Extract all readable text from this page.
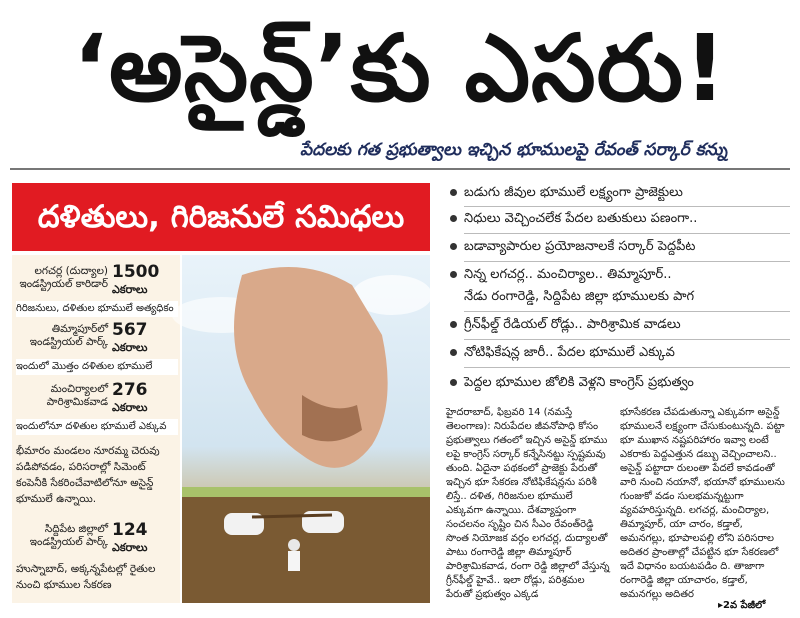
‘అసైన్డ్‌’కు ఎసరు!
పేదలకు గత ప్రభుత్వాలు ఇచ్చిన భూములపై రేవంత్‌ సర్కార్‌ కన్ను
దళితులు, గిరిజనులే సమిధలు
లగచర్ల (దుద్యాల) ఇండస్ట్రియల్‌ కారిడార్‌
1500
ఎకరాలు
గిరిజనులు, దళితుల భూములే అత్యధికం
తిమ్మాపూర్‌లో ఇండస్ట్రియల్‌ పార్క్‌
567
ఎకరాలు
ఇందులో మొత్తం దళితుల భూములే
మంచిర్యాలలో పారిశ్రామికవాడ
276
ఎకరాలు
ఇందులోనూ దళితుల భూములే ఎక్కువ
భీమారం మండలం నూరమ్మ చెరువు పడిపోవడం, పరిసరాల్లో సిమెంట్‌ కంపెనీకి సేకరించేవాటిలోనూ అసైన్డ్‌ భూములే ఉన్నాయి.
సిద్దిపేట జిల్లాలో ఇండస్ట్రియల్‌ పార్క్‌
124
ఎకరాలు
హుస్నాబాద్‌, అక్కన్నపేటల్లో రైతుల నుంచి భూముల సేకరణ
బడుగు జీవుల భూములే లక్ష్యంగా ప్రాజెక్టులు
నిధులు వెచ్చించలేక పేదల బతుకులు పణంగా..
బడావ్యాపారుల ప్రయోజనాలకే సర్కార్‌ పెద్దపీట
నిన్న లగచర్ల.. మంచిర్యాల.. తిమ్మాపూర్‌..
నేడు రంగారెడ్డి, సిద్దిపేట జిల్లా భూములకు పాగ
గ్రీన్‌ఫీల్డ్‌ రేడియల్‌ రోడ్లు.. పారిశ్రామిక వాడలు
నోటిఫికేషన్ల జారీ.. పేదల భూములే ఎక్కువ
పెద్దల భూముల జోలికి వెళ్లని కాంగ్రెస్‌ ప్రభుత్వం
హైదరాబాద్‌, ఫిబ్రవరి 14 (నమస్తే తెలంగాణ): నిరుపేదల జీవనోపాధి కోసం ప్రభుత్వాలు గతంలో ఇచ్చిన అసైన్డ్‌ భూము లపై కాంగ్రెస్‌ సర్కార్‌ కన్నేసినట్టు స్పష్టమవు తుంది. ఏదైనా పథకంలో ప్రాజెక్టు పేరుతో ఇచ్చిన భూ సేకరణ నోటిఫికేషన్లను పరిశీ లిస్తే.. దళిత, గిరిజనుల భూములే ఎక్కువగా ఉన్నాయి. దేశవ్యాప్తంగా సంచలనం సృష్టిం చిన సీఎం రేవంత్‌రెడ్డి సొంత నియోజక వర్గం లగచర్ల, దుద్యాలతో పాటు రంగారెడ్డి జిల్లా తిమ్మాపూర్‌ పారిశ్రామికవాడ, రంగా రెడ్డి జిల్లాలో వేస్తున్న గ్రీన్‌ఫీల్డ్‌ హైవే.. ఇలా రోడ్లు, పరిశ్రమల పేరుతో ప్రభుత్వం ఎక్కడ
భూసేకరణ చేపడుతున్నా ఎక్కువగా అసైన్డ్‌ భూములనే లక్ష్యంగా చేసుకుంటున్నది. పట్టా భూ ముఖాన నష్టపరిహారం ఇవ్వా లంటే ఎకరాకు పెద్దఎత్తున డబ్బు వెచ్చించాలని.. అసైన్డ్‌ పట్టాదా రులంతా పేదలే కావడంతో వారి నుంచి నయానో, భయానో భూములను గుంజుకో వడం సులభమన్నట్టుగా వ్యవహరిస్తున్నది. లగచర్ల, మంచిర్యాల, తిమ్మాపూర్‌, యా చారం, కడ్తాల్‌, అమనగల్లు, భూపాలపల్లి లోని పరిసరాల అదితర ప్రాంతాల్లో చేపట్టిన భూ సేకరణలో ఇదే విధానం బయటపడిం ది. తాజాగా రంగారెడ్డి జిల్లా యాచారం, కడ్తాల్‌, అమనగల్లు అదితర
▸2వ పేజీలో
